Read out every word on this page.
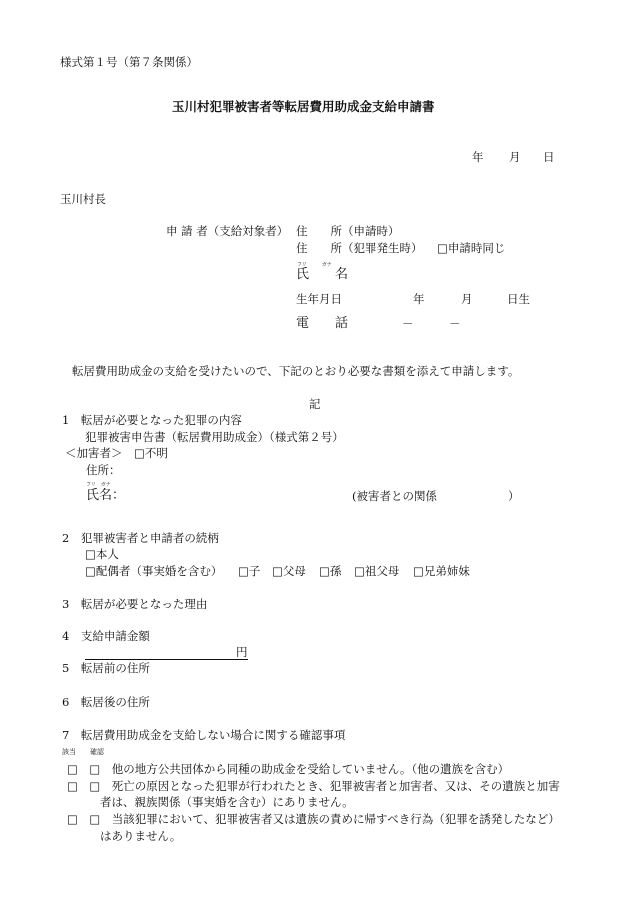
様式第１号（第７条関係）
玉川村犯罪被害者等転居費用助成金支給申請書
年 月 日
玉川村長
申 請 者（支給対象者） 住　　所（申請時）
住　　所（犯罪発生時） □申請時同じ
フリ　　　ガナ
氏　　名
生年月日	年	月	日生
電　　話	－	－
転居費用助成金の支給を受けたいので、下記のとおり必要な書類を添えて申請します。
記
1　転居が必要となった犯罪の内容
犯罪被害申告書（転居費用助成金）（様式第２号）
＜加害者＞　□不明
住所：
フリ　ガナ
氏名：	(被害者との関係	）
2　犯罪被害者と申請者の続柄
□本人
□配偶者（事実婚を含む） □子 □父母 □孫 □祖父母 □兄弟姉妹
3　転居が必要となった理由
4　支給申請金額
円
5　転居前の住所
6　転居後の住所
7　転居費用助成金を支給しない場合に関する確認事項
該当　　確認
□　□　他の地方公共団体から同種の助成金を受給していません。（他の遺族を含む）
□　□　死亡の原因となった犯罪が行われたとき、犯罪被害者と加害者、又は、その遺族と加害
者は、親族関係（事実婚を含む）にありません。
□　□　当該犯罪において、犯罪被害者又は遺族の責めに帰すべき行為（犯罪を誘発したなど）
はありません。
